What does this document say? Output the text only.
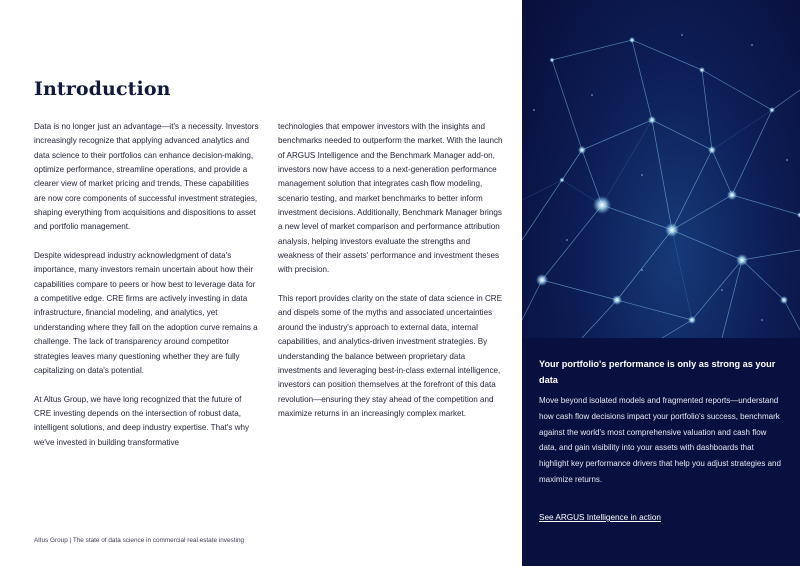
Introduction

Data is no longer just an advantage—it's a necessity. Investors increasingly recognize that applying advanced analytics and data science to their portfolios can enhance decision-making, optimize performance, streamline operations, and provide a clearer view of market pricing and trends. These capabilities are now core components of successful investment strategies, shaping everything from acquisitions and dispositions to asset and portfolio management.

Despite widespread industry acknowledgment of data's importance, many investors remain uncertain about how their capabilities compare to peers or how best to leverage data for a competitive edge. CRE firms are actively investing in data infrastructure, financial modeling, and analytics, yet understanding where they fall on the adoption curve remains a challenge. The lack of transparency around competitor strategies leaves many questioning whether they are fully capitalizing on data's potential.

At Altus Group, we have long recognized that the future of CRE investing depends on the intersection of robust data, intelligent solutions, and deep industry expertise. That's why we've invested in building transformative

technologies that empower investors with the insights and benchmarks needed to outperform the market. With the launch of ARGUS Intelligence and the Benchmark Manager add-on, investors now have access to a next-generation performance management solution that integrates cash flow modeling, scenario testing, and market benchmarks to better inform investment decisions. Additionally, Benchmark Manager brings a new level of market comparison and performance attribution analysis, helping investors evaluate the strengths and weakness of their assets' performance and investment theses with precision.

This report provides clarity on the state of data science in CRE and dispels some of the myths and associated uncertainties around the industry's approach to external data, internal capabilities, and analytics-driven investment strategies. By understanding the balance between proprietary data investments and leveraging best-in-class external intelligence, investors can position themselves at the forefront of this data revolution—ensuring they stay ahead of the competition and maximize returns in an increasingly complex market.

Altus Group | The state of data science in commercial real estate investing

Your portfolio's performance is only as strong as your data

Move beyond isolated models and fragmented reports—understand how cash flow decisions impact your portfolio's success, benchmark against the world's most comprehensive valuation and cash flow data, and gain visibility into your assets with dashboards that highlight key performance drivers that help you adjust strategies and maximize returns.

See ARGUS Intelligence in action
